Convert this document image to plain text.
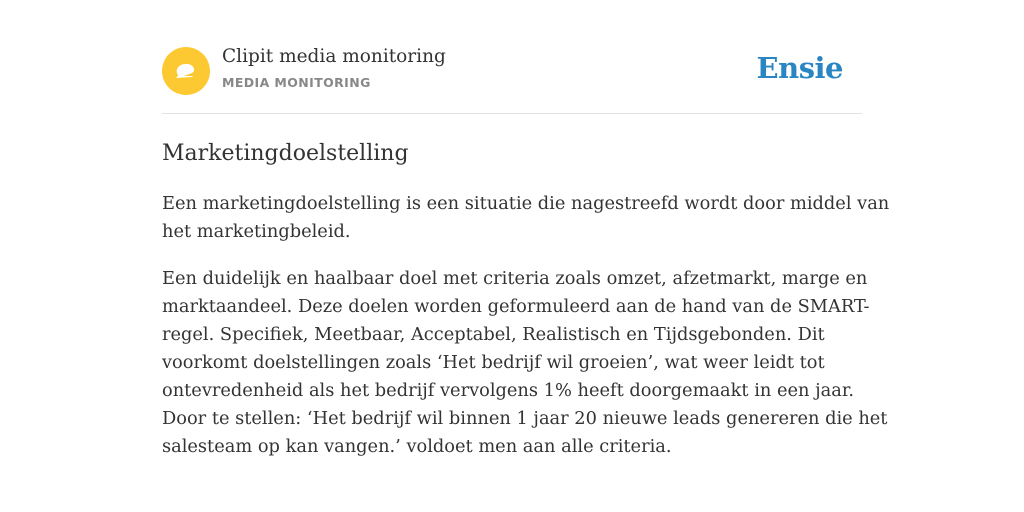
Clipit media monitoring
MEDIA MONITORING	Ensie
Marketingdoelstelling

Een marketingdoelstelling is een situatie die nagestreefd wordt door middel van
het marketingbeleid.

Een duidelijk en haalbaar doel met criteria zoals omzet, afzetmarkt, marge en
marktaandeel. Deze doelen worden geformuleerd aan de hand van de SMART-
regel. Specifiek, Meetbaar, Acceptabel, Realistisch en Tijdsgebonden. Dit
voorkomt doelstellingen zoals ‘Het bedrijf wil groeien’, wat weer leidt tot
ontevredenheid als het bedrijf vervolgens 1% heeft doorgemaakt in een jaar.
Door te stellen: ‘Het bedrijf wil binnen 1 jaar 20 nieuwe leads genereren die het
salesteam op kan vangen.’ voldoet men aan alle criteria.
